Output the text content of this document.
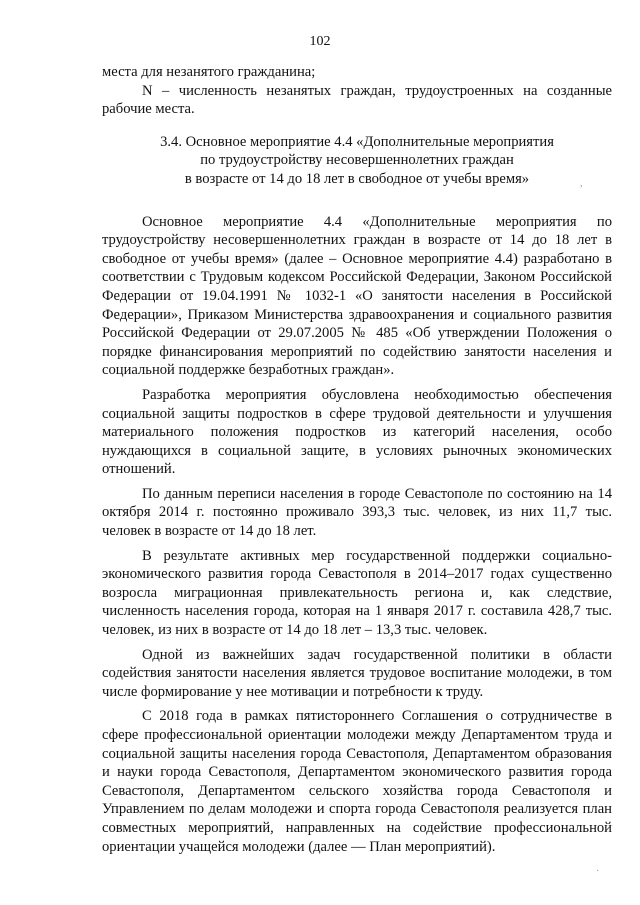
102

места для незанятого гражданина;

N – численность незанятых граждан, трудоустроенных на созданные рабочие места.

3.4. Основное мероприятие 4.4 «Дополнительные мероприятия
по трудоустройству несовершеннолетних граждан
в возрасте от 14 до 18 лет в свободное от учебы время»

Основное мероприятие 4.4 «Дополнительные мероприятия по трудоустройству несовершеннолетних граждан в возрасте от 14 до 18 лет в свободное от учебы время» (далее – Основное мероприятие 4.4) разработано в соответствии с Трудовым кодексом Российской Федерации, Законом Российской Федерации от 19.04.1991 № 1032-1 «О занятости населения в Российской Федерации», Приказом Министерства здравоохранения и социального развития Российской Федерации от 29.07.2005 № 485 «Об утверждении Положения о порядке финансирования мероприятий по содействию занятости населения и социальной поддержке безработных граждан».

Разработка мероприятия обусловлена необходимостью обеспечения социальной защиты подростков в сфере трудовой деятельности и улучшения материального положения подростков из категорий населения, особо нуждающихся в социальной защите, в условиях рыночных экономических отношений.

По данным переписи населения в городе Севастополе по состоянию на 14 октября 2014 г. постоянно проживало 393,3 тыс. человек, из них 11,7 тыс. человек в возрасте от 14 до 18 лет.

В результате активных мер государственной поддержки социально-экономического развития города Севастополя в 2014–2017 годах существенно возросла миграционная привлекательность региона и, как следствие, численность населения города, которая на 1 января 2017 г. составила 428,7 тыс. человек, из них в возрасте от 14 до 18 лет – 13,3 тыс. человек.

Одной из важнейших задач государственной политики в области содействия занятости населения является трудовое воспитание молодежи, в том числе формирование у нее мотивации и потребности к труду.

С 2018 года в рамках пятистороннего Соглашения о сотрудничестве в сфере профессиональной ориентации молодежи между Департаментом труда и социальной защиты населения города Севастополя, Департаментом образования и науки города Севастополя, Департаментом экономического развития города Севастополя, Департаментом сельского хозяйства города Севастополя и Управлением по делам молодежи и спорта города Севастополя реализуется план совместных мероприятий, направленных на содействие профессиональной ориентации учащейся молодежи (далее — План мероприятий).

,
·
